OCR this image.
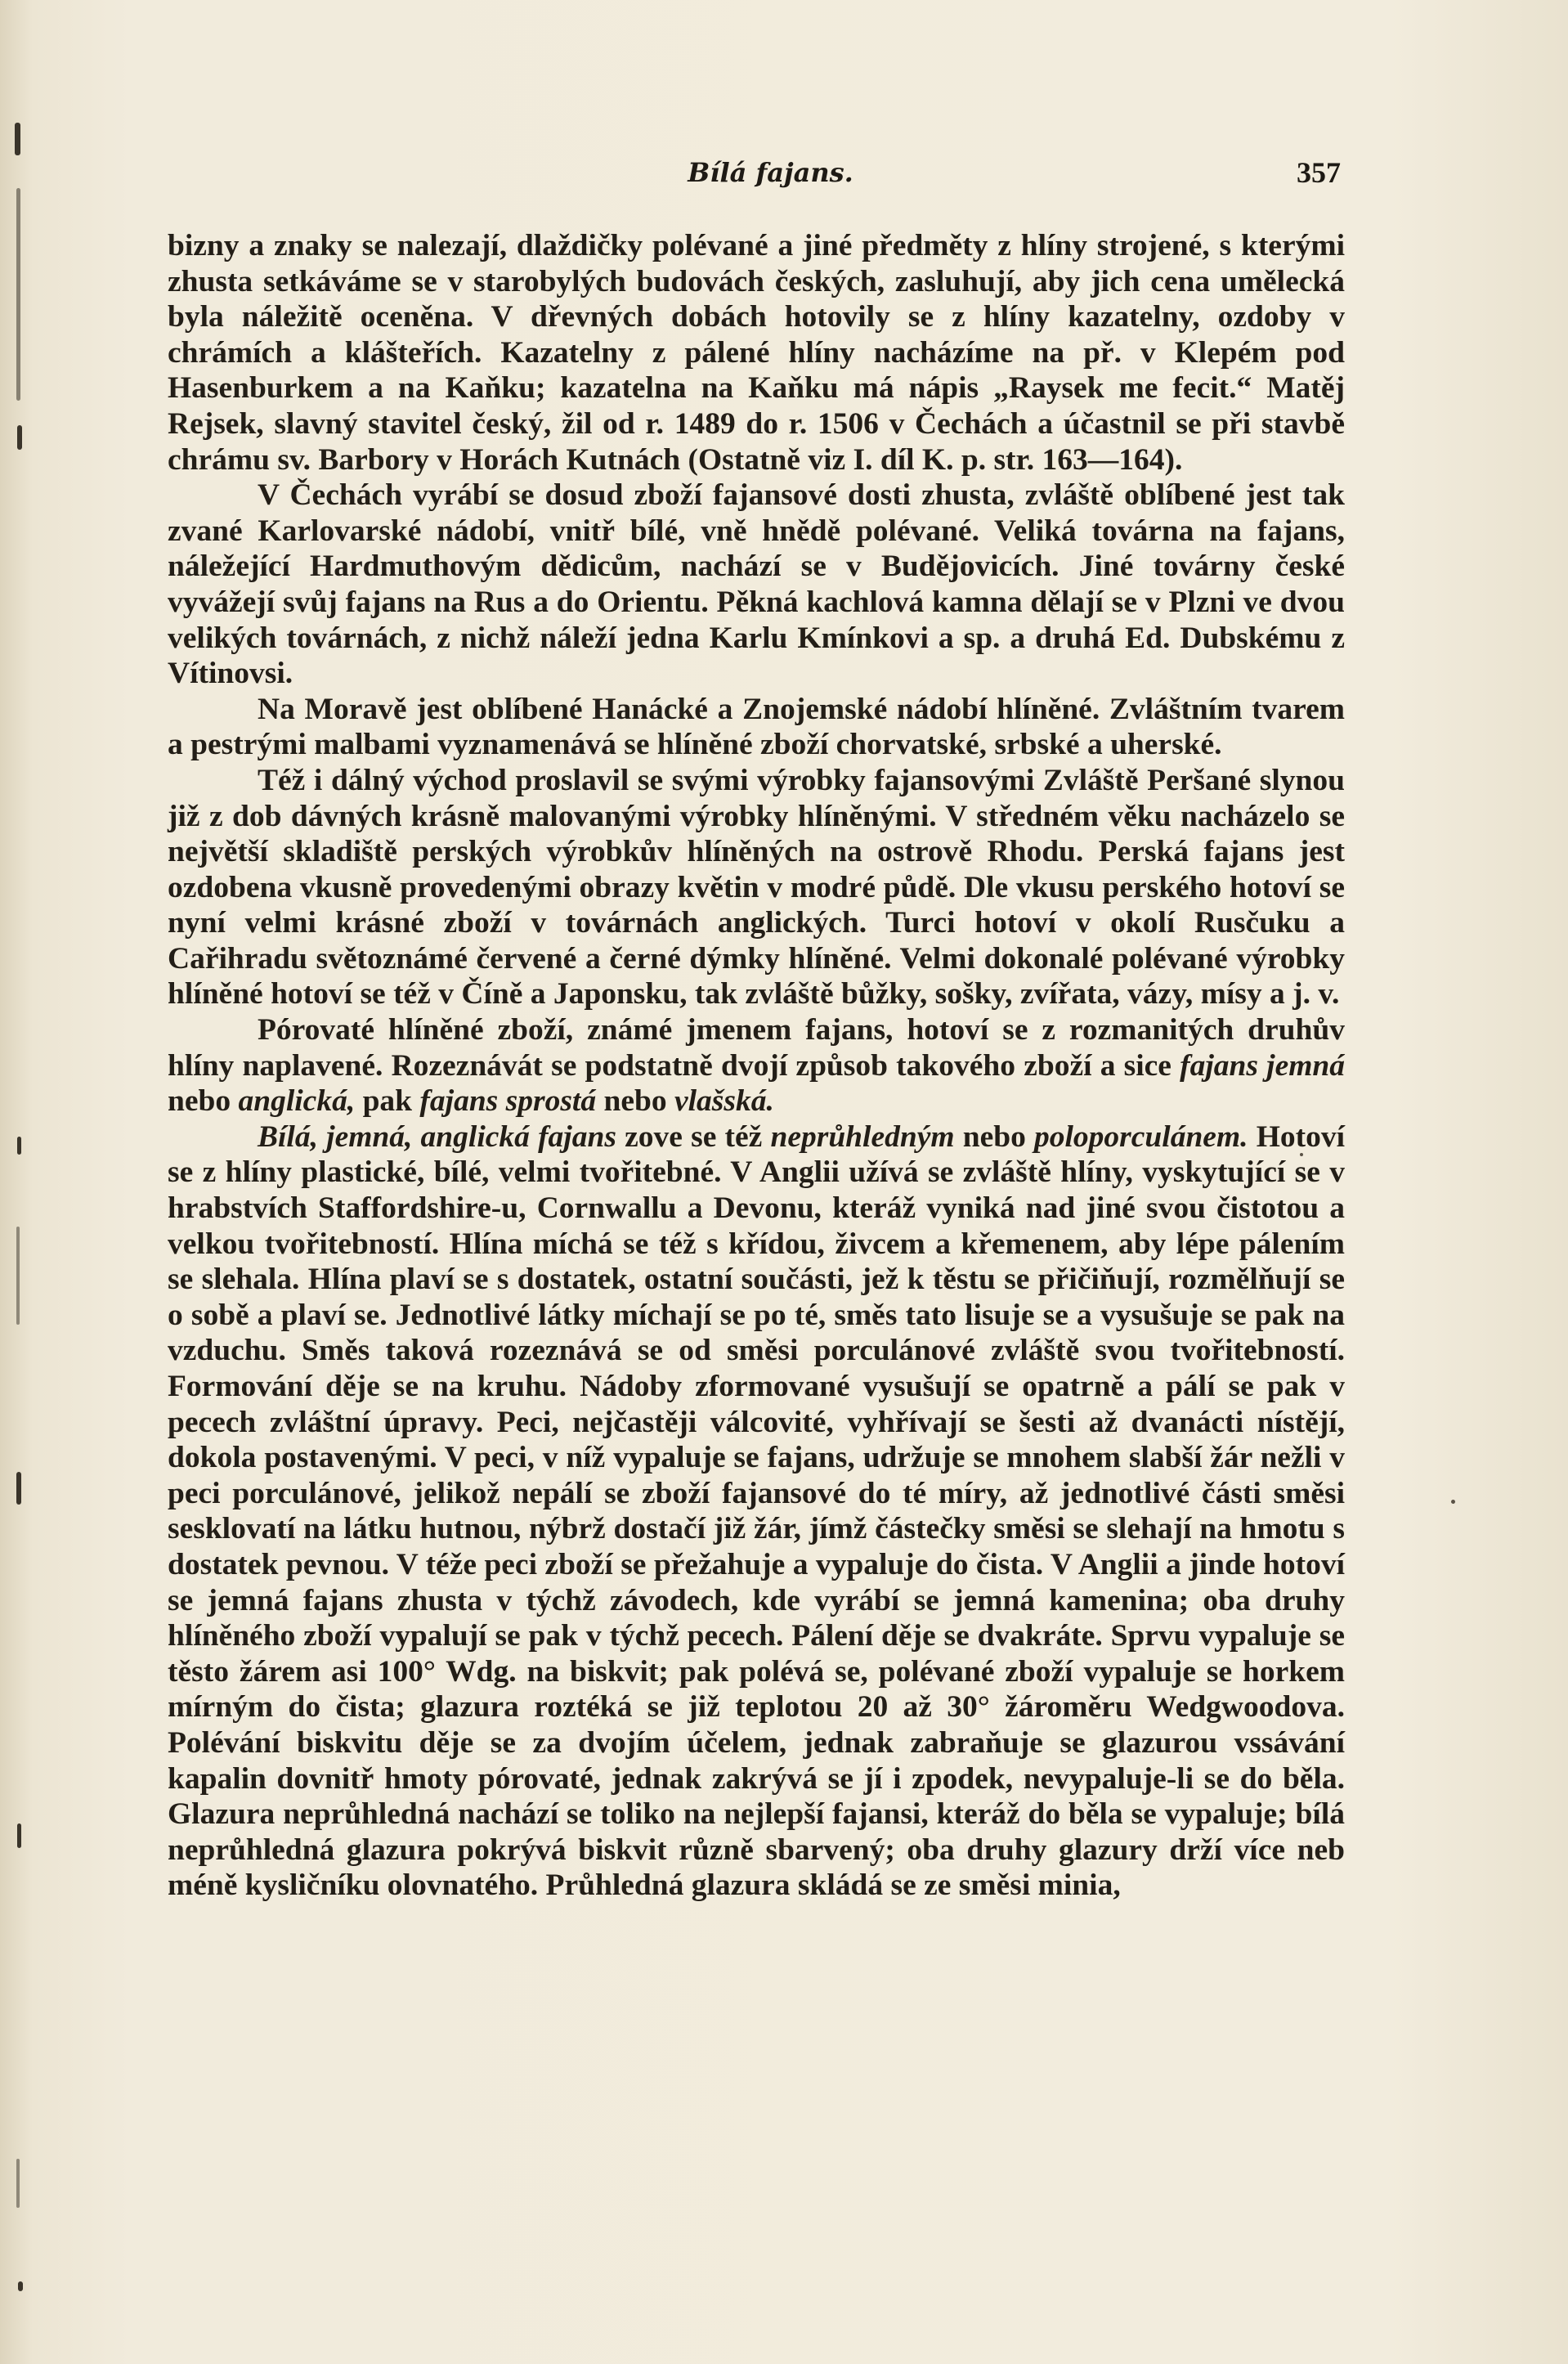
Bílá fajans.	357

bizny a znaky se nalezají, dlaždičky polévané a jiné předměty z hlíny strojené, s kterými zhusta setkáváme se v starobylých budovách českých, zasluhují, aby jich cena umělecká byla náležitě oceněna. V dřevných dobách hotovily se z hlíny kazatelny, ozdoby v chrámích a klášteřích. Kazatelny z pálené hlíny nacházíme na př. v Klepém pod Hasenburkem a na Kaňku; kazatelna na Kaňku má nápis „Raysek me fecit.“ Matěj Rejsek, slavný stavitel český, žil od r. 1489 do r. 1506 v Čechách a účastnil se při stavbě chrámu sv. Barbory v Horách Kutnách (Ostatně viz I. díl K. p. str. 163—164).

V Čechách vyrábí se dosud zboží fajansové dosti zhusta, zvláště oblíbené jest tak zvané Karlovarské nádobí, vnitř bílé, vně hnědě polévané. Veliká továrna na fajans, náležející Hardmuthovým dědicům, nachází se v Budějovicích. Jiné továrny české vyvážejí svůj fajans na Rus a do Orientu. Pěkná kachlová kamna dělají se v Plzni ve dvou velikých továrnách, z nichž náleží jedna Karlu Kmínkovi a sp. a druhá Ed. Dubskému z Vítinovsi.

Na Moravě jest oblíbené Hanácké a Znojemské nádobí hlíněné. Zvláštním tvarem a pestrými malbami vyznamenává se hlíněné zboží chorvatské, srbské a uherské.

Též i dálný východ proslavil se svými výrobky fajansovými Zvláště Peršané slynou již z dob dávných krásně malovanými výrobky hlíněnými. V středném věku nacházelo se největší skladiště perských výrobkův hlíněných na ostrově Rhodu. Perská fajans jest ozdobena vkusně provedenými obrazy květin v modré půdě. Dle vkusu perského hotoví se nyní velmi krásné zboží v továrnách anglických. Turci hotoví v okolí Rusčuku a Cařihradu světoznámé červené a černé dýmky hlíněné. Velmi dokonalé polévané výrobky hlíněné hotoví se též v Číně a Japonsku, tak zvláště bůžky, sošky, zvířata, vázy, mísy a j. v.

Pórovaté hlíněné zboží, známé jmenem fajans, hotoví se z rozmanitých druhův hlíny naplavené. Rozeznávát se podstatně dvojí způsob takového zboží a sice fajans jemná nebo anglická, pak fajans sprostá nebo vlašská.

Bílá, jemná, anglická fajans zove se též neprůhledným nebo poloporculánem. Hotoví se z hlíny plastické, bílé, velmi tvořitebné. V Anglii užívá se zvláště hlíny, vyskytující se v hrabstvích Staffordshire-u, Cornwallu a Devonu, kteráž vyniká nad jiné svou čistotou a velkou tvořitebností. Hlína míchá se též s křídou, živcem a křemenem, aby lépe pálením se slehala. Hlína plaví se s dostatek, ostatní součásti, jež k těstu se přičiňují, rozmělňují se o sobě a plaví se. Jednotlivé látky míchají se po té, směs tato lisuje se a vysušuje se pak na vzduchu. Směs taková rozeznává se od směsi porculánové zvláště svou tvořitebností. Formování děje se na kruhu. Nádoby zformované vysušují se opatrně a pálí se pak v pecech zvláštní úpravy. Peci, nejčastěji válcovité, vyhřívají se šesti až dvanácti nístějí, dokola postavenými. V peci, v níž vypaluje se fajans, udržuje se mnohem slabší žár nežli v peci porculánové, jelikož nepálí se zboží fajansové do té míry, až jednotlivé části směsi sesklovatí na látku hutnou, nýbrž dostačí již žár, jímž částečky směsi se slehají na hmotu s dostatek pevnou. V téže peci zboží se přežahuje a vypaluje do čista. V Anglii a jinde hotoví se jemná fajans zhusta v týchž závodech, kde vyrábí se jemná kamenina; oba druhy hlíněného zboží vypalují se pak v týchž pecech. Pálení děje se dvakráte. Sprvu vypaluje se těsto žárem asi 100° Wdg. na biskvit; pak polévá se, polévané zboží vypaluje se horkem mírným do čista; glazura roztéká se již teplotou 20 až 30° žároměru Wedgwoodova. Polévání biskvitu děje se za dvojím účelem, jednak zabraňuje se glazurou vssávání kapalin dovnitř hmoty pórovaté, jednak zakrývá se jí i zpodek, nevypaluje-li se do běla. Glazura neprůhledná nachází se toliko na nejlepší fajansi, kteráž do běla se vypaluje; bílá neprůhledná glazura pokrývá biskvit různě sbarvený; oba druhy glazury drží více neb méně kysličníku olovnatého. Průhledná glazura skládá se ze směsi minia,
